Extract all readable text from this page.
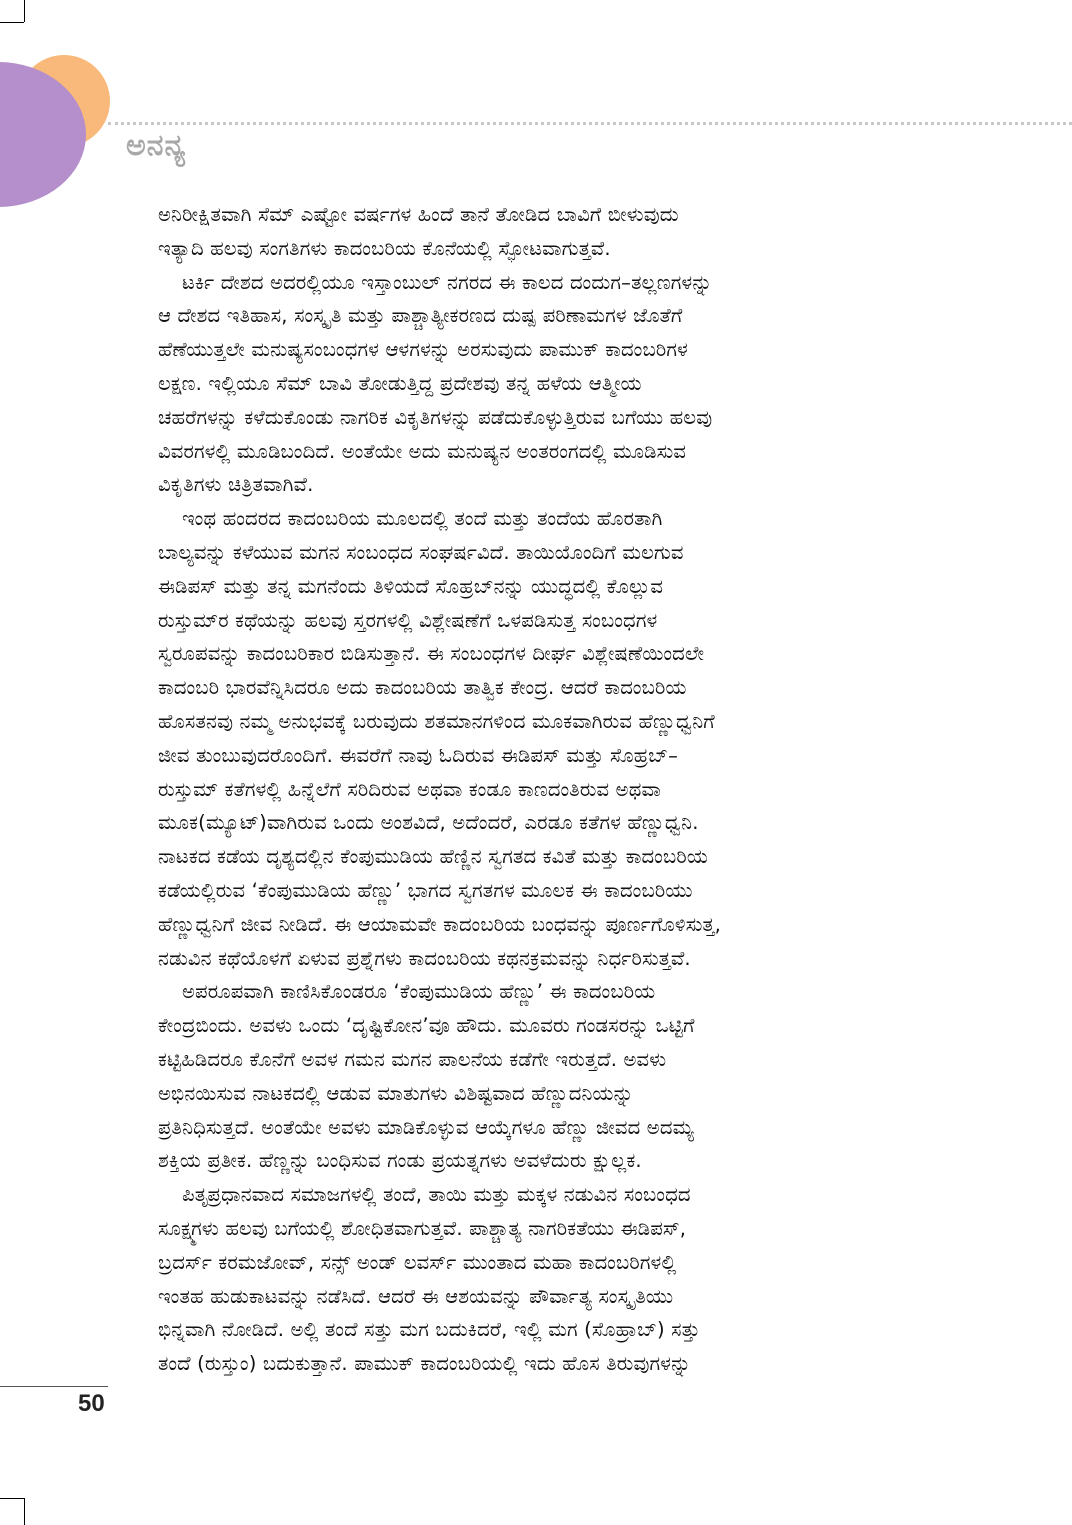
ಅನನ್ಯ
ಅನಿರೀಕ್ಷಿತವಾಗಿ ಸೆಮ್ ಎಷ್ಟೋ ವರ್ಷಗಳ ಹಿಂದೆ ತಾನೆ ತೋಡಿದ ಬಾವಿಗೆ ಬೀಳುವುದು
ಇತ್ಯಾದಿ ಹಲವು ಸಂಗತಿಗಳು ಕಾದಂಬರಿಯ ಕೊನೆಯಲ್ಲಿ ಸ್ಫೋಟವಾಗುತ್ತವೆ.
ಟರ್ಕಿ ದೇಶದ ಅದರಲ್ಲಿಯೂ ಇಸ್ತಾಂಬುಲ್ ನಗರದ ಈ ಕಾಲದ ದಂದುಗ–ತಲ್ಲಣಗಳನ್ನು
ಆ ದೇಶದ ಇತಿಹಾಸ, ಸಂಸ್ಕೃತಿ ಮತ್ತು ಪಾಶ್ಚಾತ್ಯೀಕರಣದ ದುಷ್ಪ ಪರಿಣಾಮಗಳ ಜೊತೆಗೆ
ಹೆಣೆಯುತ್ತಲೇ ಮನುಷ್ಯಸಂಬಂಧಗಳ ಆಳಗಳನ್ನು ಅರಸುವುದು ಪಾಮುಕ್ ಕಾದಂಬರಿಗಳ
ಲಕ್ಷಣ. ಇಲ್ಲಿಯೂ ಸೆಮ್ ಬಾವಿ ತೋಡುತ್ತಿದ್ದ ಪ್ರದೇಶವು ತನ್ನ ಹಳೆಯ ಆತ್ಮೀಯ
ಚಹರೆಗಳನ್ನು ಕಳೆದುಕೊಂಡು ನಾಗರಿಕ ವಿಕೃತಿಗಳನ್ನು ಪಡೆದುಕೊಳ್ಳುತ್ತಿರುವ ಬಗೆಯು ಹಲವು
ವಿವರಗಳಲ್ಲಿ ಮೂಡಿಬಂದಿದೆ. ಅಂತೆಯೇ ಅದು ಮನುಷ್ಯನ ಅಂತರಂಗದಲ್ಲಿ ಮೂಡಿಸುವ
ವಿಕೃತಿಗಳು ಚಿತ್ರಿತವಾಗಿವೆ.
ಇಂಥ ಹಂದರದ ಕಾದಂಬರಿಯ ಮೂಲದಲ್ಲಿ ತಂದೆ ಮತ್ತು ತಂದೆಯ ಹೊರತಾಗಿ
ಬಾಲ್ಯವನ್ನು ಕಳೆಯುವ ಮಗನ ಸಂಬಂಧದ ಸಂಘರ್ಷವಿದೆ. ತಾಯಿಯೊಂದಿಗೆ ಮಲಗುವ
ಈಡಿಪಸ್ ಮತ್ತು ತನ್ನ ಮಗನೆಂದು ತಿಳಿಯದೆ ಸೊಹ್ರಬ್‌ನನ್ನು ಯುದ್ಧದಲ್ಲಿ ಕೊಲ್ಲುವ
ರುಸ್ತುಮ್‌ರ ಕಥೆಯನ್ನು ಹಲವು ಸ್ತರಗಳಲ್ಲಿ ವಿಶ್ಲೇಷಣೆಗೆ ಒಳಪಡಿಸುತ್ತ ಸಂಬಂಧಗಳ
ಸ್ವರೂಪವನ್ನು ಕಾದಂಬರಿಕಾರ ಬಿಡಿಸುತ್ತಾನೆ. ಈ ಸಂಬಂಧಗಳ ದೀರ್ಘ ವಿಶ್ಲೇಷಣೆಯಿಂದಲೇ
ಕಾದಂಬರಿ ಭಾರವೆನ್ನಿಸಿದರೂ ಅದು ಕಾದಂಬರಿಯ ತಾತ್ವಿಕ ಕೇಂದ್ರ. ಆದರೆ ಕಾದಂಬರಿಯ
ಹೊಸತನವು ನಮ್ಮ ಅನುಭವಕ್ಕೆ ಬರುವುದು ಶತಮಾನಗಳಿಂದ ಮೂಕವಾಗಿರುವ ಹೆಣ್ಣುಧ್ವನಿಗೆ
ಜೀವ ತುಂಬುವುದರೊಂದಿಗೆ. ಈವರೆಗೆ ನಾವು ಓದಿರುವ ಈಡಿಪಸ್ ಮತ್ತು ಸೊಹ್ರಬ್–
ರುಸ್ತುಮ್ ಕತೆಗಳಲ್ಲಿ ಹಿನ್ನೆಲೆಗೆ ಸರಿದಿರುವ ಅಥವಾ ಕಂಡೂ ಕಾಣದಂತಿರುವ ಅಥವಾ
ಮೂಕ(ಮ್ಯೂಟ್)ವಾಗಿರುವ ಒಂದು ಅಂಶವಿದೆ, ಅದೆಂದರೆ, ಎರಡೂ ಕತೆಗಳ ಹೆಣ್ಣುಧ್ವನಿ.
ನಾಟಕದ ಕಡೆಯ ದೃಶ್ಯದಲ್ಲಿನ ಕೆಂಪುಮುಡಿಯ ಹೆಣ್ಣಿನ ಸ್ವಗತದ ಕವಿತೆ ಮತ್ತು ಕಾದಂಬರಿಯ
ಕಡೆಯಲ್ಲಿರುವ ‘ಕೆಂಪುಮುಡಿಯ ಹೆಣ್ಣು’ ಭಾಗದ ಸ್ವಗತಗಳ ಮೂಲಕ ಈ ಕಾದಂಬರಿಯು
ಹೆಣ್ಣುಧ್ವನಿಗೆ ಜೀವ ನೀಡಿದೆ. ಈ ಆಯಾಮವೇ ಕಾದಂಬರಿಯ ಬಂಧವನ್ನು ಪೂರ್ಣಗೊಳಿಸುತ್ತ,
ನಡುವಿನ ಕಥೆಯೊಳಗೆ ಏಳುವ ಪ್ರಶ್ನೆಗಳು ಕಾದಂಬರಿಯ ಕಥನಕ್ರಮವನ್ನು ನಿರ್ಧರಿಸುತ್ತವೆ.
ಅಪರೂಪವಾಗಿ ಕಾಣಿಸಿಕೊಂಡರೂ ‘ಕೆಂಪುಮುಡಿಯ ಹೆಣ್ಣು’ ಈ ಕಾದಂಬರಿಯ
ಕೇಂದ್ರಬಿಂದು. ಅವಳು ಒಂದು ‘ದೃಷ್ಟಿಕೋನ’ವೂ ಹೌದು. ಮೂವರು ಗಂಡಸರನ್ನು ಒಟ್ಟಿಗೆ
ಕಟ್ಟಿಹಿಡಿದರೂ ಕೊನೆಗೆ ಅವಳ ಗಮನ ಮಗನ ಪಾಲನೆಯ ಕಡೆಗೇ ಇರುತ್ತದೆ. ಅವಳು
ಅಭಿನಯಿಸುವ ನಾಟಕದಲ್ಲಿ ಆಡುವ ಮಾತುಗಳು ವಿಶಿಷ್ಟವಾದ ಹೆಣ್ಣುದನಿಯನ್ನು
ಪ್ರತಿನಿಧಿಸುತ್ತದೆ. ಅಂತೆಯೇ ಅವಳು ಮಾಡಿಕೊಳ್ಳುವ ಆಯ್ಕೆಗಳೂ ಹೆಣ್ಣು ಜೀವದ ಅದಮ್ಯ
ಶಕ್ತಿಯ ಪ್ರತೀಕ. ಹೆಣ್ಣನ್ನು ಬಂಧಿಸುವ ಗಂಡು ಪ್ರಯತ್ನಗಳು ಅವಳೆದುರು ಕ್ಷುಲ್ಲಕ.
ಪಿತೃಪ್ರಧಾನವಾದ ಸಮಾಜಗಳಲ್ಲಿ ತಂದೆ, ತಾಯಿ ಮತ್ತು ಮಕ್ಕಳ ನಡುವಿನ ಸಂಬಂಧದ
ಸೂಕ್ಷ್ಮಗಳು ಹಲವು ಬಗೆಯಲ್ಲಿ ಶೋಧಿತವಾಗುತ್ತವೆ. ಪಾಶ್ಚಾತ್ಯ ನಾಗರಿಕತೆಯು ಈಡಿಪಸ್,
ಬ್ರದರ್ಸ್ ಕರಮಜೋವ್, ಸನ್ಸ್ ಅಂಡ್ ಲವರ್ಸ್ ಮುಂತಾದ ಮಹಾ ಕಾದಂಬರಿಗಳಲ್ಲಿ
ಇಂತಹ ಹುಡುಕಾಟವನ್ನು ನಡೆಸಿದೆ. ಆದರೆ ಈ ಆಶಯವನ್ನು ಪೌರ್ವಾತ್ಯ ಸಂಸ್ಕೃತಿಯು
ಭಿನ್ನವಾಗಿ ನೋಡಿದೆ. ಅಲ್ಲಿ ತಂದೆ ಸತ್ತು ಮಗ ಬದುಕಿದರೆ, ಇಲ್ಲಿ ಮಗ (ಸೊಹ್ರಾಬ್) ಸತ್ತು
ತಂದೆ (ರುಸ್ತುಂ) ಬದುಕುತ್ತಾನೆ. ಪಾಮುಕ್ ಕಾದಂಬರಿಯಲ್ಲಿ ಇದು ಹೊಸ ತಿರುವುಗಳನ್ನು
50
